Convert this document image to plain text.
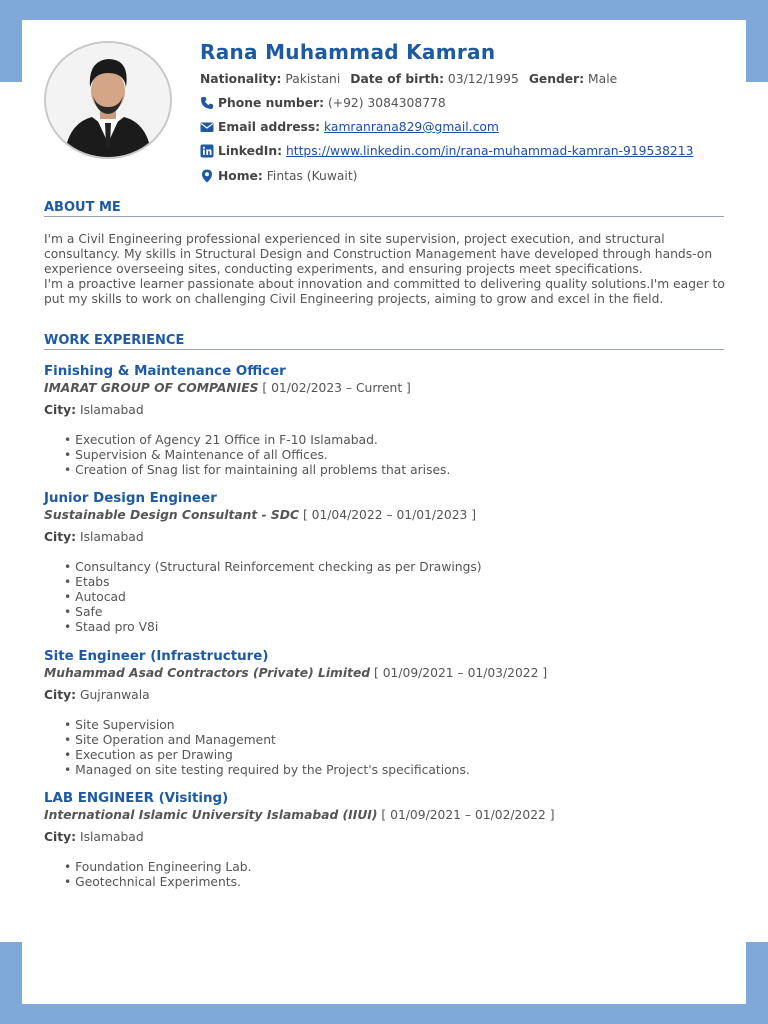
Rana Muhammad Kamran
Nationality:
Pakistani Date of birth:
03/12/1995 Gender:
Male
Phone number:
(+92) 3084308778
Email address:
kamranrana829@gmail.com
LinkedIn:
https://www.linkedin.com/in/rana-muhammad-kamran-919538213
Home:
Fintas (Kuwait)
ABOUT ME

I'm a Civil Engineering professional experienced in site supervision, project execution, and structural consultancy. My skills in Structural Design and Construction Management have developed through hands-on experience overseeing sites, conducting experiments, and ensuring projects meet specifications.

I'm a proactive learner passionate about innovation and committed to delivering quality solutions.I'm eager to put my skills to work on challenging Civil Engineering projects, aiming to grow and excel in the field.

WORK EXPERIENCE
Finishing & Maintenance Officer
IMARAT GROUP OF COMPANIES [ 01/02/2023 – Current ]
City: Islamabad
• Execution of Agency 21 Office in F-10 Islamabad.
• Supervision & Maintenance of all Offices.
• Creation of Snag list for maintaining all problems that arises.
Junior Design Engineer
Sustainable Design Consultant - SDC [ 01/04/2022 – 01/01/2023 ]
City: Islamabad
• Consultancy (Structural Reinforcement checking as per Drawings)
• Etabs
• Autocad
• Safe
• Staad pro V8i
Site Engineer (Infrastructure)
Muhammad Asad Contractors (Private) Limited [ 01/09/2021 – 01/03/2022 ]
City: Gujranwala
• Site Supervision
• Site Operation and Management
• Execution as per Drawing
• Managed on site testing required by the Project's specifications.
LAB ENGINEER (Visiting)
International Islamic University Islamabad (IIUI) [ 01/09/2021 – 01/02/2022 ]
City: Islamabad
• Foundation Engineering Lab.
• Geotechnical Experiments.
